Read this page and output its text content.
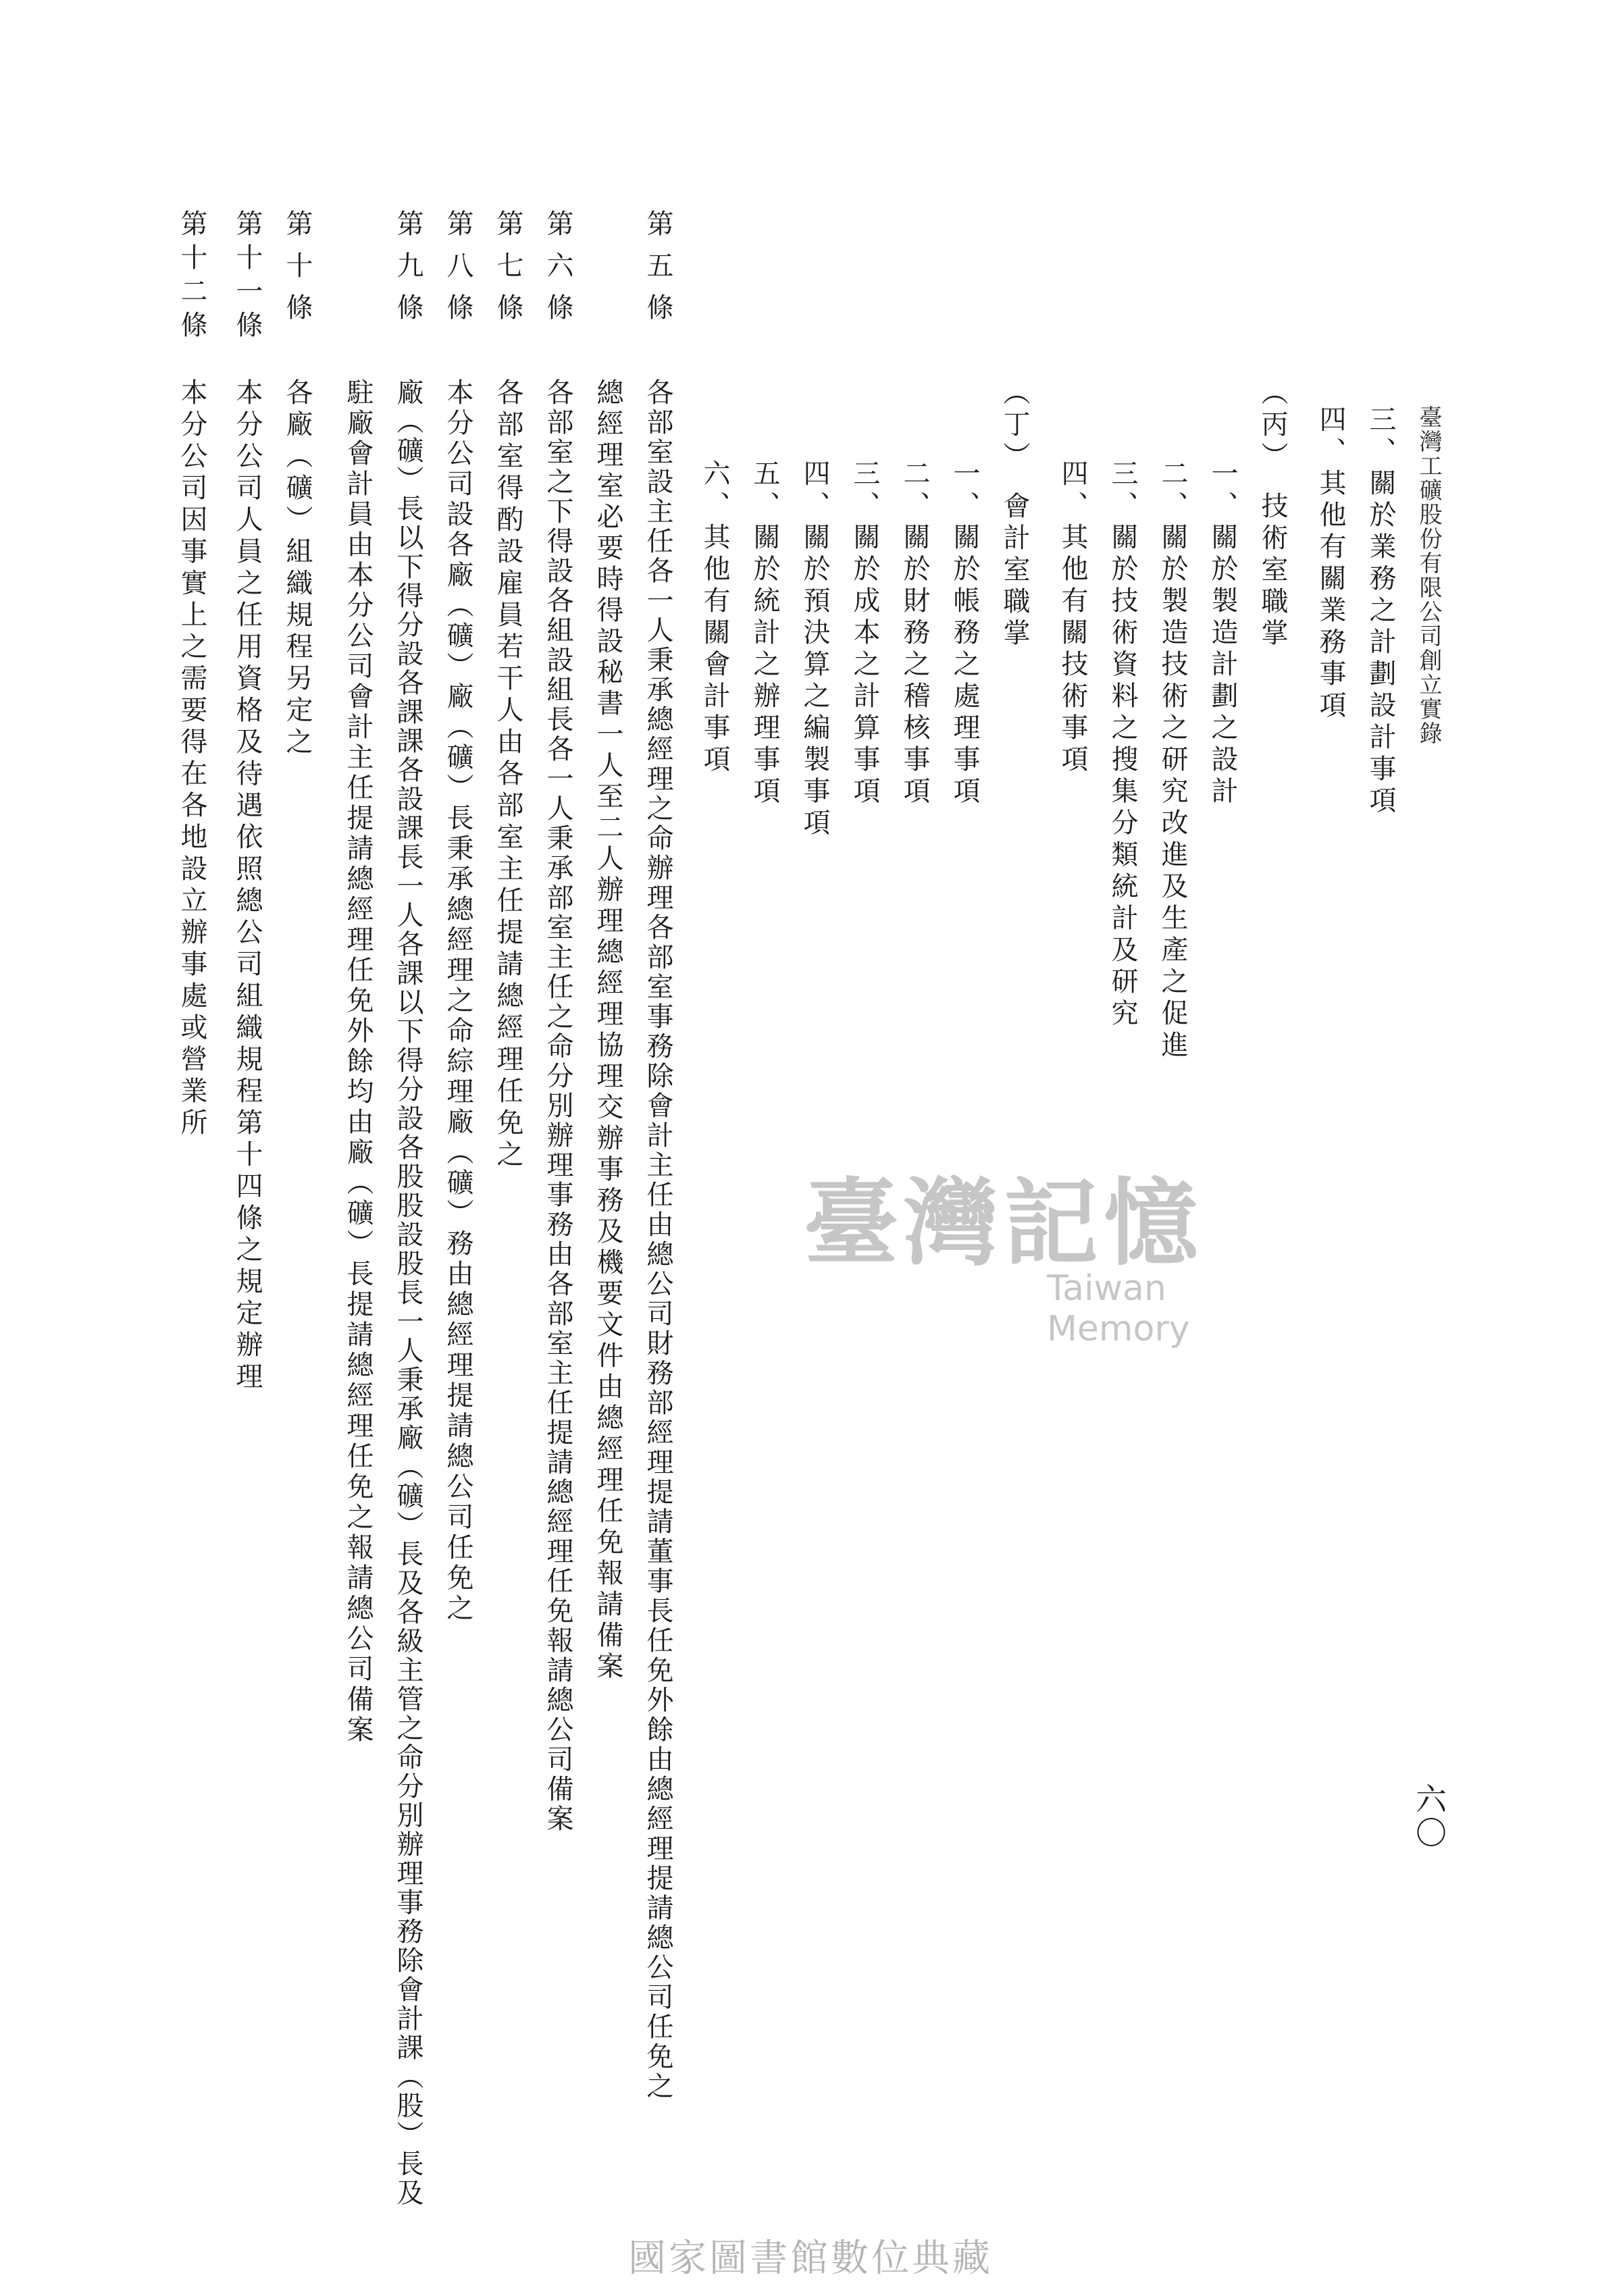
臺灣工礦股份有限公司創立實錄
六〇
三、關於業務之計劃設計事項
四、其他有關業務事項
（丙）　技術室職掌
一、關於製造計劃之設計
二、關於製造技術之研究改進及生產之促進
三、關於技術資料之搜集分類統計及研究
四、其他有關技術事項
（丁）　會計室職掌
一、關於帳務之處理事項
二、關於財務之稽核事項
三、關於成本之計算事項
四、關於預決算之編製事項
五、關於統計之辦理事項
六、其他有關會計事項
第五條
各部室設主任各一人秉承總經理之命辦理各部室事務除會計主任由總公司財務部經理提請董事長任免外餘由總經理提請總公司任免之
總經理室必要時得設秘書一人至二人辦理總經理協理交辦事務及機要文件由總經理任免報請備案
第六條
各部室之下得設各組設組長各一人秉承部室主任之命分別辦理事務由各部室主任提請總經理任免報請總公司備案
第七條
各部室得酌設雇員若干人由各部室主任提請總經理任免之
第八條
本分公司設各廠（礦）廠（礦）長秉承總經理之命綜理廠（礦）務由總經理提請總公司任免之
第九條
廠（礦）長以下得分設各課課各設課長一人各課以下得分設各股股設股長一人秉承廠（礦）長及各級主管之命分別辦理事務除會計課（股）長及
駐廠會計員由本分公司會計主任提請總經理任免外餘均由廠（礦）長提請總經理任免之報請總公司備案
第十條
各廠（礦）組織規程另定之
第十一條
本分公司人員之任用資格及待遇依照總公司組織規程第十四條之規定辦理
第十二條
本分公司因事實上之需要得在各地設立辦事處或營業所
臺灣記憶
Taiwan Memory
國家圖書館數位典藏
